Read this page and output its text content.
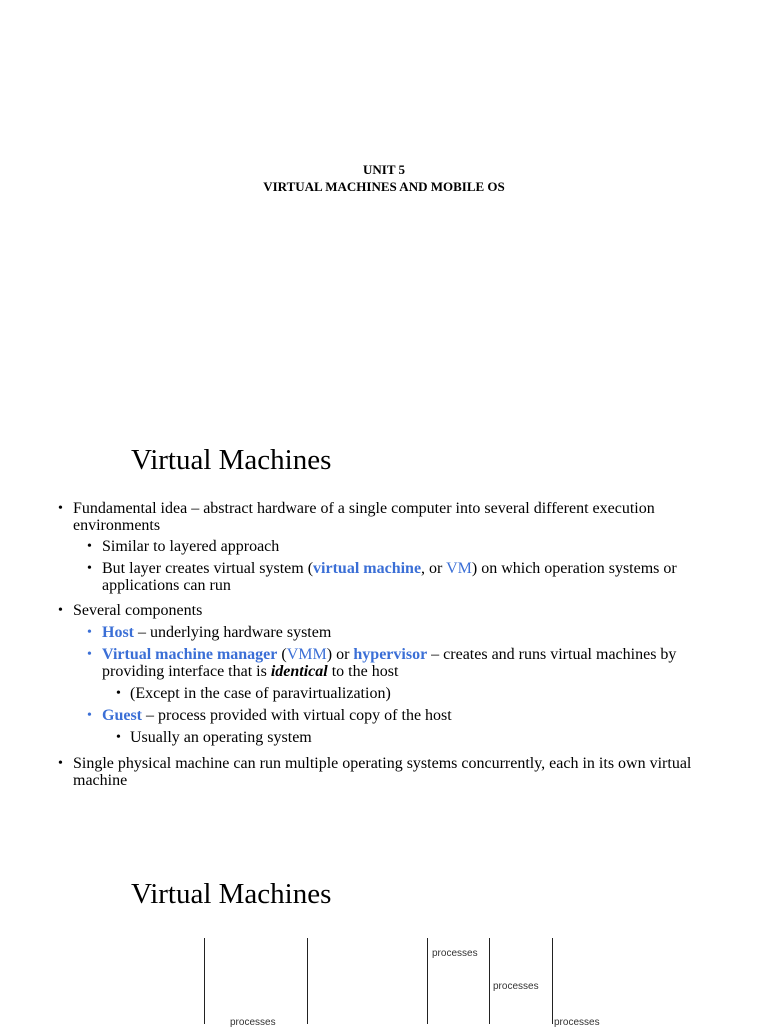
UNIT 5
VIRTUAL MACHINES AND MOBILE OS
Virtual Machines

• Fundamental idea – abstract hardware of a single computer into several different execution environments

• Similar to layered approach

• But layer creates virtual system (virtual machine, or VM) on which operation systems or applications can run

• Several components

• Host – underlying hardware system

• Virtual machine manager (VMM) or hypervisor – creates and runs virtual machines by providing interface that is identical to the host

• (Except in the case of paravirtualization)

• Guest – process provided with virtual copy of the host

• Usually an operating system

• Single physical machine can run multiple operating systems concurrently, each in its own virtual machine

Virtual Machines
processes
processes
processes	processes
